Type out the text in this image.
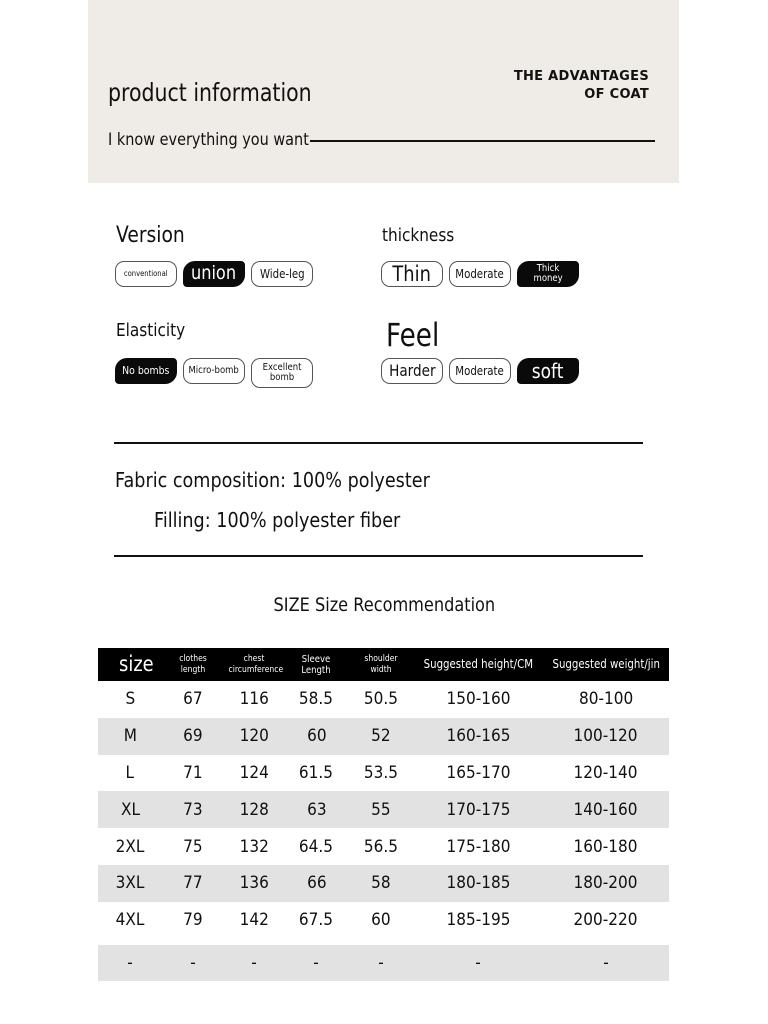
product information
I know everything you want
THE ADVANTAGES
OF COAT
Version
conventional union Wide-leg
thickness
Thin Moderate	Thick money
Elasticity
No bombs Micro-bomb Excellent bomb
Feel
Harder Moderate soft
Fabric composition: 100% polyester
Filling: 100% polyester fiber
SIZE Size Recommendation
size	clothes length	chest circumference	Sleeve Length	shoulder width	Suggested height/CM	Suggested weight/jin
S	67	116	58.5	50.5	150-160	80-100
M	69	120	60	52	160-165	100-120
L	71	124	61.5	53.5	165-170	120-140
XL	73	128	63	55	170-175	140-160
2XL	75	132	64.5	56.5	175-180	160-180
3XL	77	136	66	58	180-185	180-200
4XL	79	142	67.5	60	185-195	200-220
-	-	-	-	-	-	-
